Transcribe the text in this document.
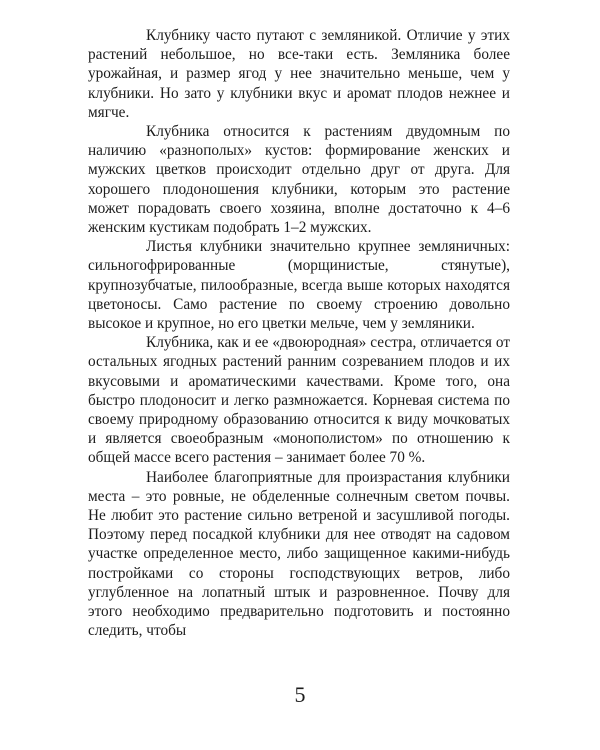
Клубнику часто путают с земляникой. Отличие у этих растений небольшое, но все-таки есть. Земляника более урожайная, и размер ягод у нее значительно меньше, чем у клубники. Но зато у клубники вкус и аромат плодов нежнее и мягче.

Клубника относится к растениям двудомным по наличию «разнополых» кустов: формирование женских и мужских цветков происходит отдельно друг от друга. Для хорошего плодоношения клубники, которым это растение может порадовать своего хозяина, вполне достаточно к 4–6 женским кустикам подобрать 1–2 мужских.

Листья клубники значительно крупнее земляничных: сильногофрированные (морщинистые, стянутые), крупнозубчатые, пилообразные, всегда выше которых находятся цветоносы. Само растение по своему строению довольно высокое и крупное, но его цветки мельче, чем у земляники.

Клубника, как и ее «двоюродная» сестра, отличается от остальных ягодных растений ранним созреванием плодов и их вкусовыми и ароматическими качествами. Кроме того, она быстро плодоносит и легко размножается. Корневая система по своему природному образованию относится к виду мочковатых и является своеобразным «монополистом» по отношению к общей массе всего растения – занимает более 70 %.

Наиболее благоприятные для произрастания клубники места – это ровные, не обделенные солнечным светом почвы. Не любит это растение сильно ветреной и засушливой погоды. Поэтому перед посадкой клубники для нее отводят на садовом участке определенное место, либо защищенное какими-нибудь постройками со стороны господствующих ветров, либо углубленное на лопатный штык и разровненное. Почву для этого необходимо предварительно подготовить и постоянно следить, чтобы

5
